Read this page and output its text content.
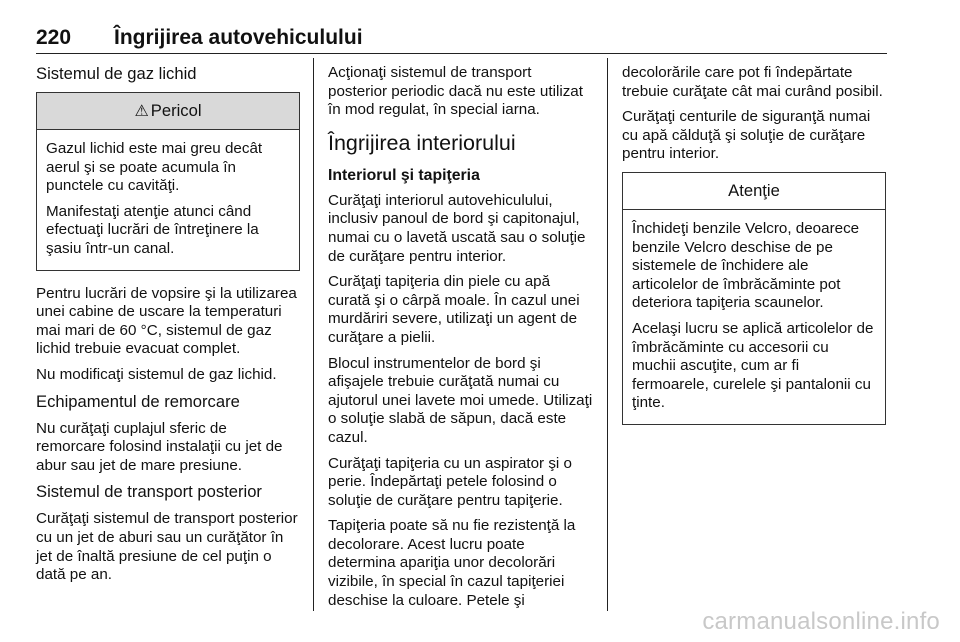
220 Îngrijirea autovehiculului
Sistemul de gaz lichid
⚠ Pericol

Gazul lichid este mai greu decât aerul şi se poate acumula în punctele cu cavităţi.

Manifestaţi atenţie atunci când efectuaţi lucrări de întreţinere la şasiu într-un canal.

Pentru lucrări de vopsire şi la utilizarea unei cabine de uscare la temperaturi mai mari de 60 °C, sistemul de gaz lichid trebuie evacuat complet.

Nu modificaţi sistemul de gaz lichid.

Echipamentul de remorcare

Nu curăţaţi cuplajul sferic de remorcare folosind instalaţii cu jet de abur sau jet de mare presiune.

Sistemul de transport posterior

Curăţaţi sistemul de transport posterior cu un jet de aburi sau un curăţător în jet de înaltă presiune de cel puţin o dată pe an.

Acţionaţi sistemul de transport posterior periodic dacă nu este utilizat în mod regulat, în special iarna.

Îngrijirea interiorului
Interiorul şi tapiţeria

Curăţaţi interiorul autovehiculului, inclusiv panoul de bord şi capitonajul, numai cu o lavetă uscată sau o soluţie de curăţare pentru interior.

Curăţaţi tapiţeria din piele cu apă curată şi o cârpă moale. În cazul unei murdăriri severe, utilizaţi un agent de curăţare a pielii.

Blocul instrumentelor de bord şi afişajele trebuie curăţată numai cu ajutorul unei lavete moi umede. Utilizaţi o soluţie slabă de săpun, dacă este cazul.

Curăţaţi tapiţeria cu un aspirator şi o perie. Îndepărtaţi petele folosind o soluţie de curăţare pentru tapiţerie.

Tapiţeria poate să nu fie rezistenţă la decolorare. Acest lucru poate determina apariţia unor decolorări vizibile, în special în cazul tapiţeriei deschise la culoare. Petele şi

decolorările care pot fi îndepărtate trebuie curăţate cât mai curând posibil.

Curăţaţi centurile de siguranţă numai cu apă călduţă şi soluţie de curăţare pentru interior.

Atenţie

Închideţi benzile Velcro, deoarece benzile Velcro deschise de pe sistemele de închidere ale articolelor de îmbrăcăminte pot deteriora tapiţeria scaunelor.

Acelaşi lucru se aplică articolelor de îmbrăcăminte cu accesorii cu muchii ascuţite, cum ar fi fermoarele, curelele şi pantalonii cu ţinte.

carmanualsonline.info
